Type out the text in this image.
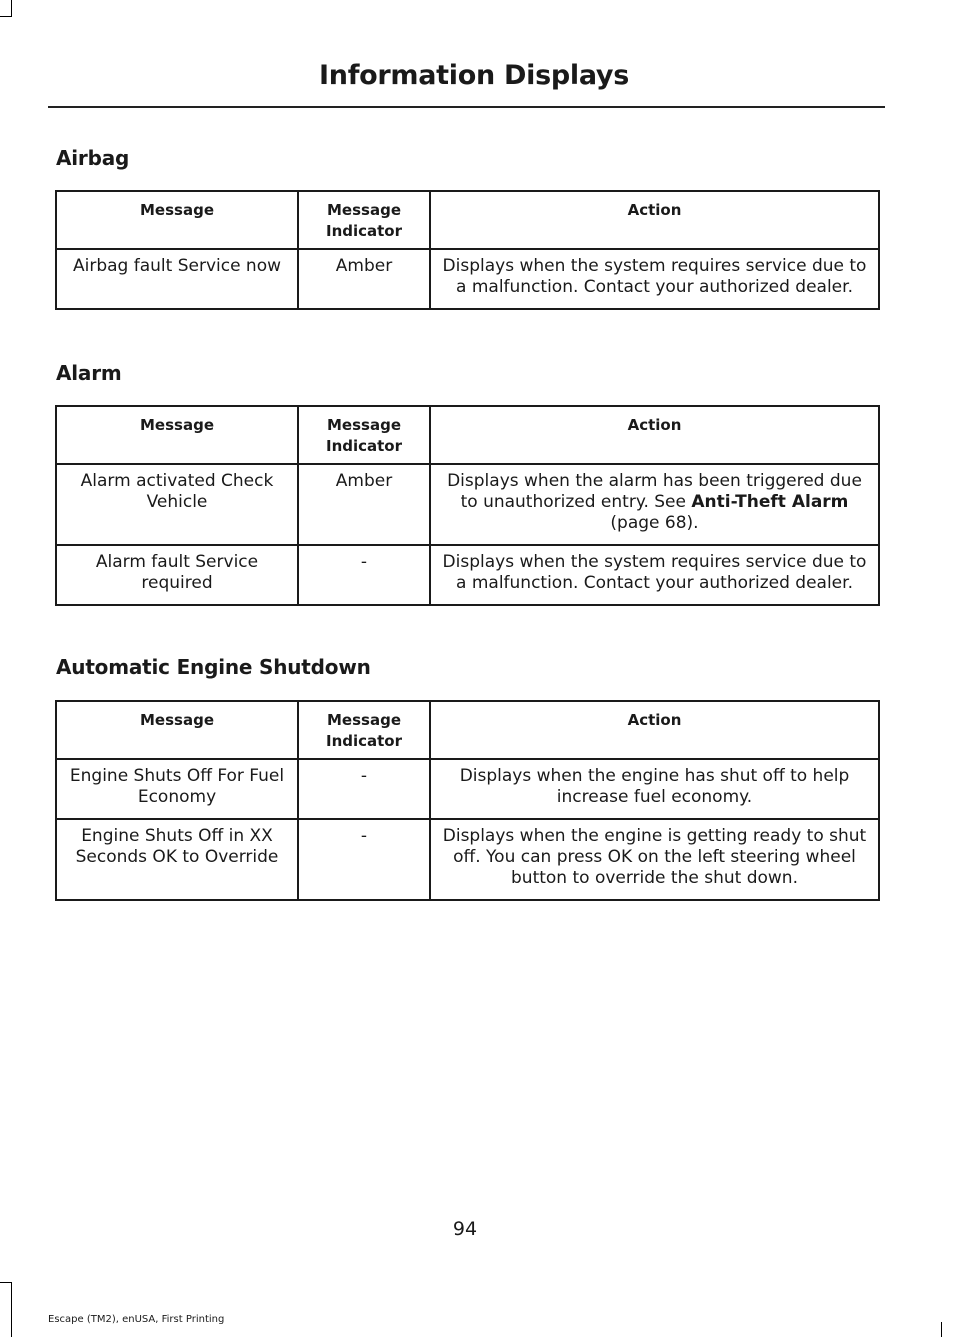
Information Displays
Airbag
Message	Message Indicator	Action
Airbag fault Service now	Amber	Displays when the system requires service due to a malfunction. Contact your authorized dealer.
Alarm
Message	Message Indicator	Action
Alarm activated Check Vehicle	Amber	Displays when the alarm has been triggered due to unauthorized entry. See Anti-Theft Alarm (page 68).
Alarm fault Service required	-	Displays when the system requires service due to a malfunction. Contact your authorized dealer.
Automatic Engine Shutdown
Message	Message Indicator	Action
Engine Shuts Off For Fuel Economy	-	Displays when the engine has shut off to help increase fuel economy.
Engine Shuts Off in XX Seconds OK to Override	-	Displays when the engine is getting ready to shut off. You can press OK on the left steering wheel button to override the shut down.
94
Escape (TM2), enUSA, First Printing
